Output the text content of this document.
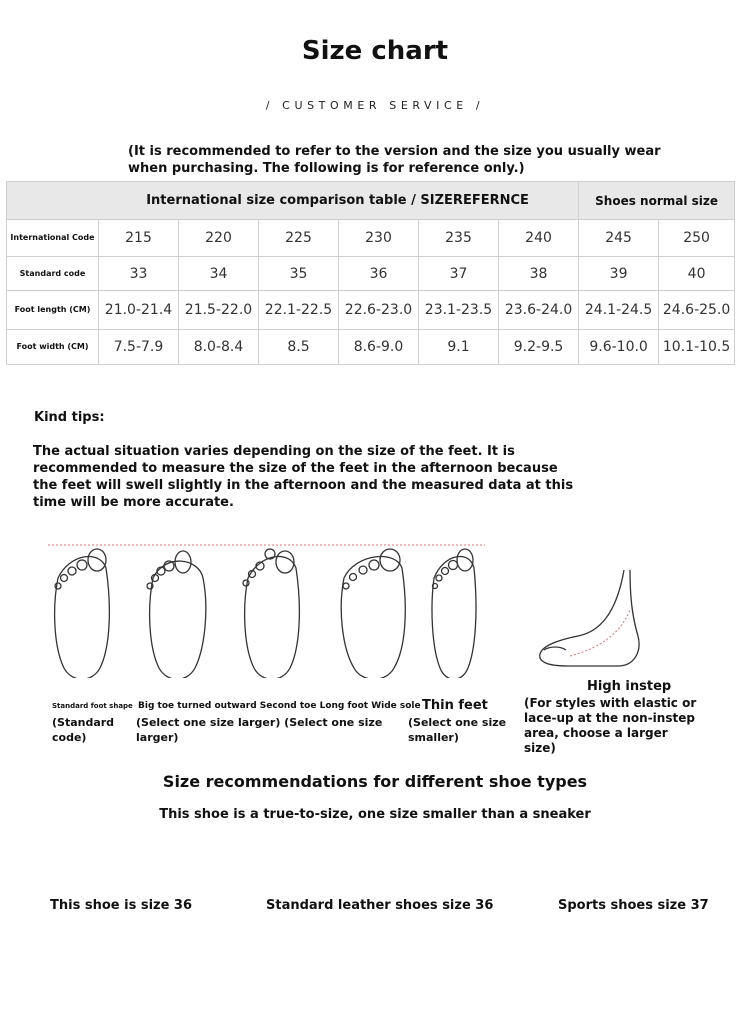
Size chart
/ CUSTOMER SERVICE /
(It is recommended to refer to the version and the size you usually wear when purchasing. The following is for reference only.)
International size comparison table / SIZEREFERNCE							Shoes normal size	
International Code	215	220	225	230	235	240	245	250
Standard code	33	34	35	36	37	38	39	40
Foot length (CM)	21.0-21.4	21.5-22.0	22.1-22.5	22.6-23.0	23.1-23.5	23.6-24.0	24.1-24.5	24.6-25.0
Foot width (CM)	7.5-7.9	8.0-8.4	8.5	8.6-9.0	9.1	9.2-9.5	9.6-10.0	10.1-10.5
Kind tips:
The actual situation varies depending on the size of the feet. It is recommended to measure the size of the feet in the afternoon because the feet will swell slightly in the afternoon and the measured data at this time will be more accurate.
Standard foot shape
(Standard code)
Big toe turned outward Second toe Long foot Wide sole Thin feet
(Select one size larger) (Select one size larger)
(Select one size smaller)
High instep
(For styles with elastic or lace-up at the non-instep area, choose a larger size)
Size recommendations for different shoe types
This shoe is a true-to-size, one size smaller than a sneaker
This shoe is size 36	Standard leather shoes size 36	Sports shoes size 37
